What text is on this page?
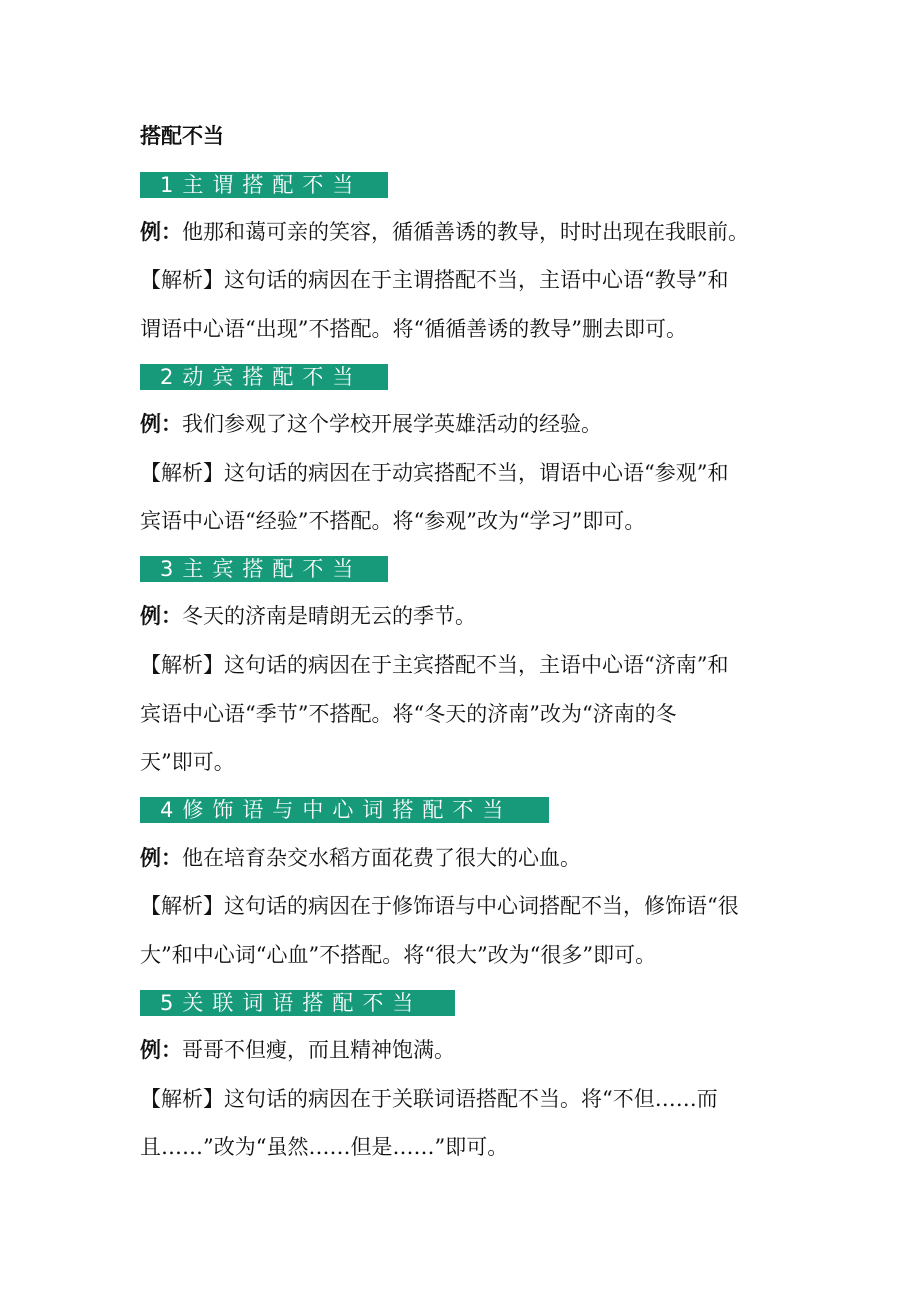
搭配不当
1主谓搭配不当
例：他那和蔼可亲的笑容，循循善诱的教导，时时出现在我眼前。
【解析】这句话的病因在于主谓搭配不当，主语中心语“教导”和
谓语中心语“出现”不搭配。将“循循善诱的教导”删去即可。
2动宾搭配不当
例：我们参观了这个学校开展学英雄活动的经验。
【解析】这句话的病因在于动宾搭配不当，谓语中心语“参观”和
宾语中心语“经验”不搭配。将“参观”改为“学习”即可。
3主宾搭配不当
例：冬天的济南是晴朗无云的季节。
【解析】这句话的病因在于主宾搭配不当，主语中心语“济南”和
宾语中心语“季节”不搭配。将“冬天的济南”改为“济南的冬
天”即可。
4修饰语与中心词搭配不当
例：他在培育杂交水稻方面花费了很大的心血。
【解析】这句话的病因在于修饰语与中心词搭配不当，修饰语“很
大”和中心词“心血”不搭配。将“很大”改为“很多”即可。
5关联词语搭配不当
例：哥哥不但瘦，而且精神饱满。
【解析】这句话的病因在于关联词语搭配不当。将“不但……而
且……”改为“虽然……但是……”即可。
